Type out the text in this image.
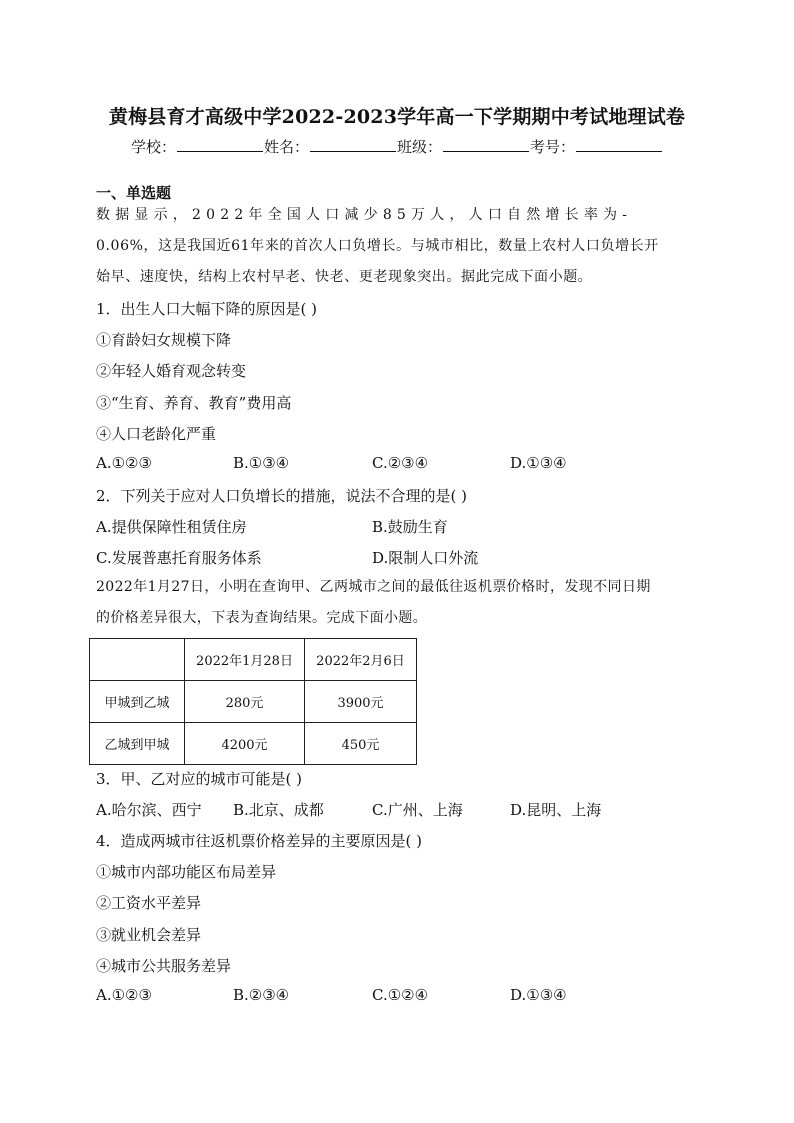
黄梅县育才高级中学2022-2023学年高一下学期期中考试地理试卷
学校：	姓名：	班级：	考号：
一、单选题

数据显示，2022年全国人口减少85万人，人口自然增长率为-

0.06%，这是我国近61年来的首次人口负增长。与城市相比，数量上农村人口负增长开

始早、速度快，结构上农村早老、快老、更老现象突出。据此完成下面小题。

1．出生人口大幅下降的原因是( )
①育龄妇女规模下降
②年轻人婚育观念转变
③“生育、养育、教育”费用高
④人口老龄化严重
A.①②③	B.①③④	C.②③④	D.①③④
2．下列关于应对人口负增长的措施，说法不合理的是( )
A.提供保障性租赁住房	B.鼓励生育
C.发展普惠托育服务体系	D.限制人口外流

2022年1月27日，小明在查询甲、乙两城市之间的最低往返机票价格时，发现不同日期

的价格差异很大，下表为查询结果。完成下面小题。

	2022年1月28日	2022年2月6日
甲城到乙城	280元	3900元
乙城到甲城	4200元	450元
3．甲、乙对应的城市可能是( )
A.哈尔滨、西宁 B.北京、成都	C.广州、上海	D.昆明、上海
4．造成两城市往返机票价格差异的主要原因是( )
①城市内部功能区布局差异
②工资水平差异
③就业机会差异
④城市公共服务差异
A.①②③	B.②③④	C.①②④	D.①③④
